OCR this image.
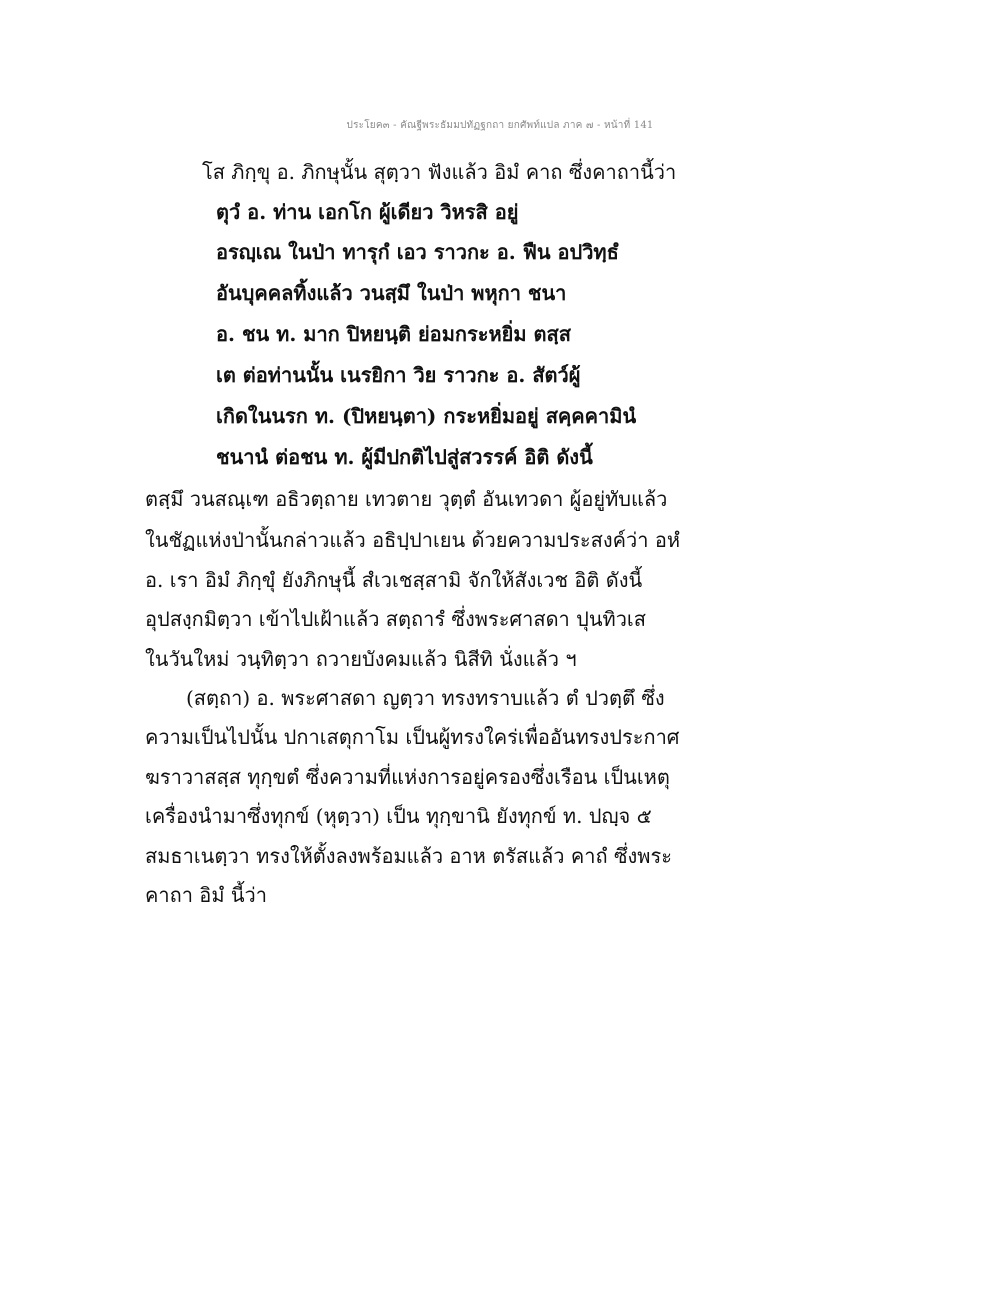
ประโยค๓ - คัณฐีพระธัมมปทัฏฐกถา ยกศัพท์แปล ภาค ๗ - หน้าที่ 141
โส ภิกฺขุ อ. ภิกษุนั้น สุตฺวา ฟังแล้ว อิมํ คาถ ซึ่งคาถานี้ว่า
ตุวํ อ. ท่าน เอกโก ผู้เดียว วิหรสิ อยู่
อรญฺเณ ในป่า ทารุกํ เอว ราวกะ อ. ฟืน อปวิทฺธํ
อันบุคคลทิ้งแล้ว วนสฺมึ ในป่า พหุกา ชนา
อ. ชน ท. มาก ปิหยนฺติ ย่อมกระหยิ่ม ตสฺส
เต ต่อท่านนั้น เนรยิกา วิย ราวกะ อ. สัตว์ผู้
เกิดในนรก ท. (ปิหยนฺตา) กระหยิ่มอยู่ สคฺคคามินํ
ชนานํ ต่อชน ท. ผู้มีปกติไปสู่สวรรค์ อิติ ดังนี้
ตสฺมึ วนสณฺเฑ อธิวตฺถาย เทวตาย วุตฺตํ อันเทวดา ผู้อยู่ทับแล้ว
ในชัฏแห่งป่านั้นกล่าวแล้ว อธิปฺปาเยน ด้วยความประสงค์ว่า อหํ
อ. เรา อิมํ ภิกฺขุํ ยังภิกษุนี้ สํเวเชสฺสามิ จักให้สังเวช อิติ ดังนี้
อุปสงฺกมิตฺวา เข้าไปเฝ้าแล้ว สตฺถารํ ซึ่งพระศาสดา ปุนทิวเส
ในวันใหม่ วนฺทิตฺวา ถวายบังคมแล้ว นิสีทิ นั่งแล้ว ฯ
(สตฺถา) อ. พระศาสดา ญตฺวา ทรงทราบแล้ว ตํ ปวตฺตึ ซึ่ง
ความเป็นไปนั้น ปกาเสตุกาโม เป็นผู้ทรงใคร่เพื่ออันทรงประกาศ
ฆราวาสสฺส ทุกฺขตํ ซึ่งความที่แห่งการอยู่ครองซึ่งเรือน เป็นเหตุ
เครื่องนำมาซึ่งทุกข์ (หุตฺวา) เป็น ทุกฺขานิ ยังทุกข์ ท. ปญฺจ ๕
สมธาเนตฺวา ทรงให้ตั้งลงพร้อมแล้ว อาห ตรัสแล้ว คาถํ ซึ่งพระ
คาถา อิมํ นี้ว่า
